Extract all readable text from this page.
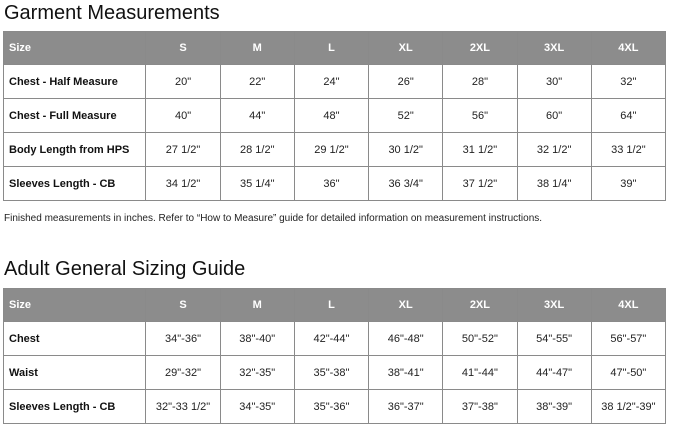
Garment Measurements
Size	S	M	L	XL	2XL	3XL	4XL
Chest - Half Measure	20"	22"	24"	26"	28"	30"	32"
Chest - Full Measure	40"	44"	48"	52"	56"	60"	64"
Body Length from HPS	27 1/2"	28 1/2"	29 1/2"	30 1/2"	31 1/2"	32 1/2"	33 1/2"
Sleeves Length - CB	34 1/2"	35 1/4"	36"	36 3/4"	37 1/2"	38 1/4"	39"

Finished measurements in inches. Refer to “How to Measure” guide for detailed information on measurement instructions.

Adult General Sizing Guide
Size	S	M	L	XL	2XL	3XL	4XL
Chest	34"-36"	38"-40"	42"-44"	46"-48"	50"-52"	54"-55"	56"-57"
Waist	29"-32"	32"-35"	35"-38"	38"-41"	41"-44"	44"-47"	47"-50"
Sleeves Length - CB	32"-33 1/2"	34"-35"	35"-36"	36"-37"	37"-38"	38"-39"	38 1/2"-39"
